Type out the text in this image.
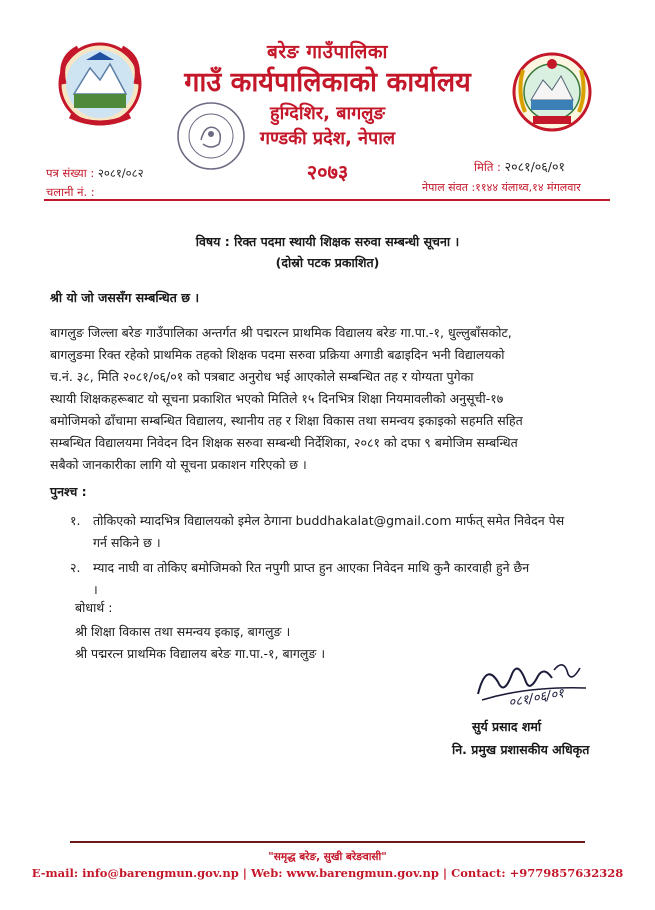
बरेङ गाउँपालिका
गाउँ कार्यपालिकाको कार्यालय
हुग्दिशिर, बागलुङ
गण्डकी प्रदेश, नेपाल
२०७३
पत्र संख्या : २०८१/०८२
चलानी नं. :
मिति : २०८१/०६/०१
नेपाल संवत :११४४ यंलाथ्व,१४ मंगलवार
विषय : रिक्त पदमा स्थायी शिक्षक सरुवा सम्बन्धी सूचना ।
(दोस्रो पटक प्रकाशित)
श्री यो जो जससँग सम्बन्धित छ ।
बागलुङ जिल्ला बरेङ गाउँपालिका अन्तर्गत श्री पद्मरत्न प्राथमिक विद्यालय बरेङ गा.पा.-१, धुल्लुबाँसकोट,
बागलुङमा रिक्त रहेको प्राथमिक तहको शिक्षक पदमा सरुवा प्रक्रिया अगाडी बढाइदिन भनी विद्यालयको
च.नं. ३८, मिति २०८१/०६/०१ को पत्रबाट अनुरोध भई आएकोले सम्बन्धित तह र योग्यता पुगेका
स्थायी शिक्षकहरूबाट यो सूचना प्रकाशित भएको मितिले १५ दिनभित्र शिक्षा नियमावलीको अनुसूची-१७
बमोजिमको ढाँचामा सम्बन्धित विद्यालय, स्थानीय तह र शिक्षा विकास तथा समन्वय इकाइको सहमति सहित
सम्बन्धित विद्यालयमा निवेदन दिन शिक्षक सरुवा सम्बन्धी निर्देशिका, २०८१ को दफा ९ बमोजिम सम्बन्धित
सबैको जानकारीका लागि यो सूचना प्रकाशन गरिएको छ ।
पुनश्च :
१. तोकिएको म्यादभित्र विद्यालयको इमेल ठेगाना buddhakalat@gmail.com मार्फत् समेत निवेदन पेस
गर्न सकिने छ ।
२. म्याद नाघी वा तोकिए बमोजिमको रित नपुगी प्राप्त हुन आएका निवेदन माथि कुनै कारवाही हुने छैन
।
बोधार्थ :
श्री शिक्षा विकास तथा समन्वय इकाइ, बागलुङ ।
श्री पद्मरत्न प्राथमिक विद्यालय बरेङ गा.पा.-१, बागलुङ ।
०८१/०६/०१
सुर्य प्रसाद शर्मा
नि. प्रमुख प्रशासकीय अधिकृत
"समृद्ध बरेङ, सुखी बरेङवासी"
E-mail: info@barengmun.gov.np | Web: www.barengmun.gov.np | Contact: +9779857632328
